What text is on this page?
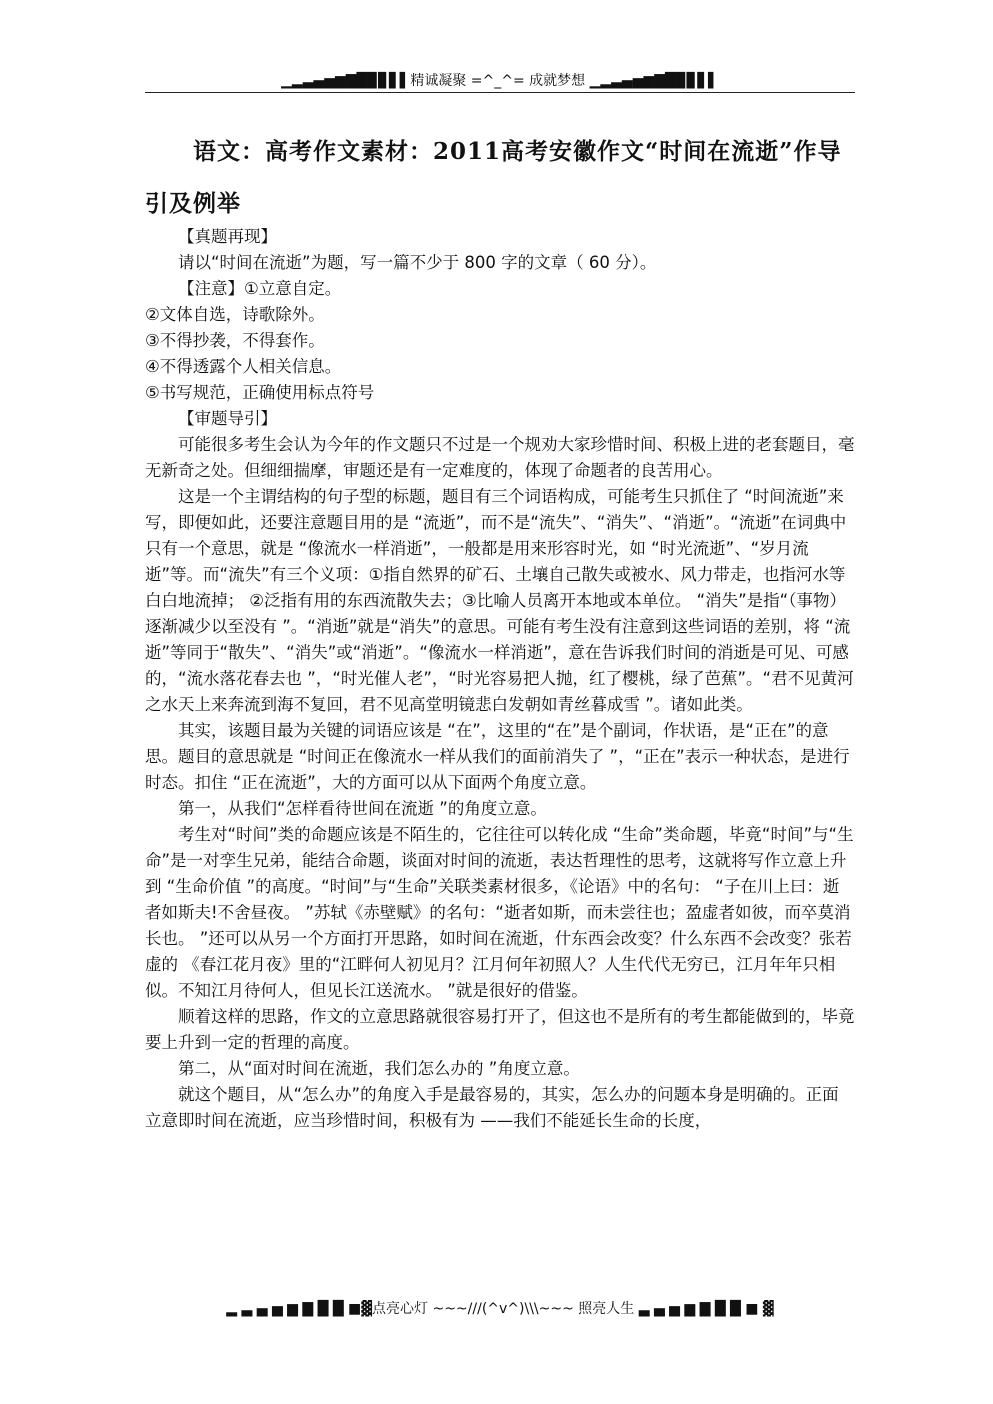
▁▂▃▄▅▆▇█▉▊▋▌精诚凝聚 =^_^= 成就梦想 ▁▂▃▄▅▆▇█▉▊▋▌
语文：高考作文素材：2011高考安徽作文“时间在流逝”作导引及例举

【真题再现】

请以“时间在流逝”为题，写一篇不少于 800 字的文章（ 60 分）。

【注意】①立意自定。

②文体自选，诗歌除外。

③不得抄袭，不得套作。

④不得透露个人相关信息。

⑤书写规范，正确使用标点符号

【审题导引】

可能很多考生会认为今年的作文题只不过是一个规劝大家珍惜时间、积极上进的老套题目，毫无新奇之处。但细细揣摩，审题还是有一定难度的，体现了命题者的良苦用心。

这是一个主谓结构的句子型的标题，题目有三个词语构成，可能考生只抓住了 “时间流逝”来写，即便如此，还要注意题目用的是 “流逝”，而不是“流失”、“消失”、“消逝”。“流逝”在词典中只有一个意思，就是 “像流水一样消逝”，一般都是用来形容时光，如 “时光流逝”、“岁月流逝”等。而“流失”有三个义项：①指自然界的矿石、土壤自己散失或被水、风力带走，也指河水等白白地流掉； ②泛指有用的东西流散失去；③比喻人员离开本地或本单位。 “消失”是指“（事物）逐渐减少以至没有 ”。“消逝”就是“消失”的意思。可能有考生没有注意到这些词语的差别，将 “流逝”等同于“散失”、“消失”或“消逝”。“像流水一样消逝”，意在告诉我们时间的消逝是可见、可感的，“流水落花春去也 ”，“时光催人老”，“时光容易把人抛，红了樱桃，绿了芭蕉”。“君不见黄河之水天上来奔流到海不复回，君不见高堂明镜悲白发朝如青丝暮成雪 ”。诸如此类。

其实，该题目最为关键的词语应该是 “在”，这里的“在”是个副词，作状语，是“正在”的意思。题目的意思就是 “时间正在像流水一样从我们的面前消失了 ”，“正在”表示一种状态，是进行时态。扣住 “正在流逝”，大的方面可以从下面两个角度立意。

第一，从我们“怎样看待世间在流逝 ”的角度立意。

考生对“时间”类的命题应该是不陌生的，它往往可以转化成 “生命”类命题，毕竟“时间”与“生命”是一对孪生兄弟，能结合命题，谈面对时间的流逝，表达哲理性的思考，这就将写作立意上升到 “生命价值 ”的高度。“时间”与“生命”关联类素材很多，《论语》中的名句： “子在川上曰：逝者如斯夫!不舍昼夜。 ”苏轼《赤壁赋》的名句：“逝者如斯，而未尝往也；盈虚者如彼，而卒莫消长也。 ”还可以从另一个方面打开思路，如时间在流逝，什东西会改变？什么东西不会改变？张若虚的 《春江花月夜》里的“江畔何人初见月？江月何年初照人？人生代代无穷已，江月年年只相似。不知江月待何人，但见长江送流水。 ”就是很好的借鉴。

顺着这样的思路，作文的立意思路就很容易打开了，但这也不是所有的考生都能做到的，毕竟要上升到一定的哲理的高度。

第二，从“面对时间在流逝，我们怎么办的 ”角度立意。

就这个题目，从“怎么办”的角度入手是最容易的，其实，怎么办的问题本身是明确的。正面立意即时间在流逝，应当珍惜时间，积极有为 ——我们不能延长生命的长度，

▂ ▃ ▄ ▅ ▆ ▇ █ █ ■▓点亮心灯 ~~~///(^v^)\\\~~~ 照亮人生 ▃ ▄ ▅ ▆ ▇ █ █ ■ ▓
